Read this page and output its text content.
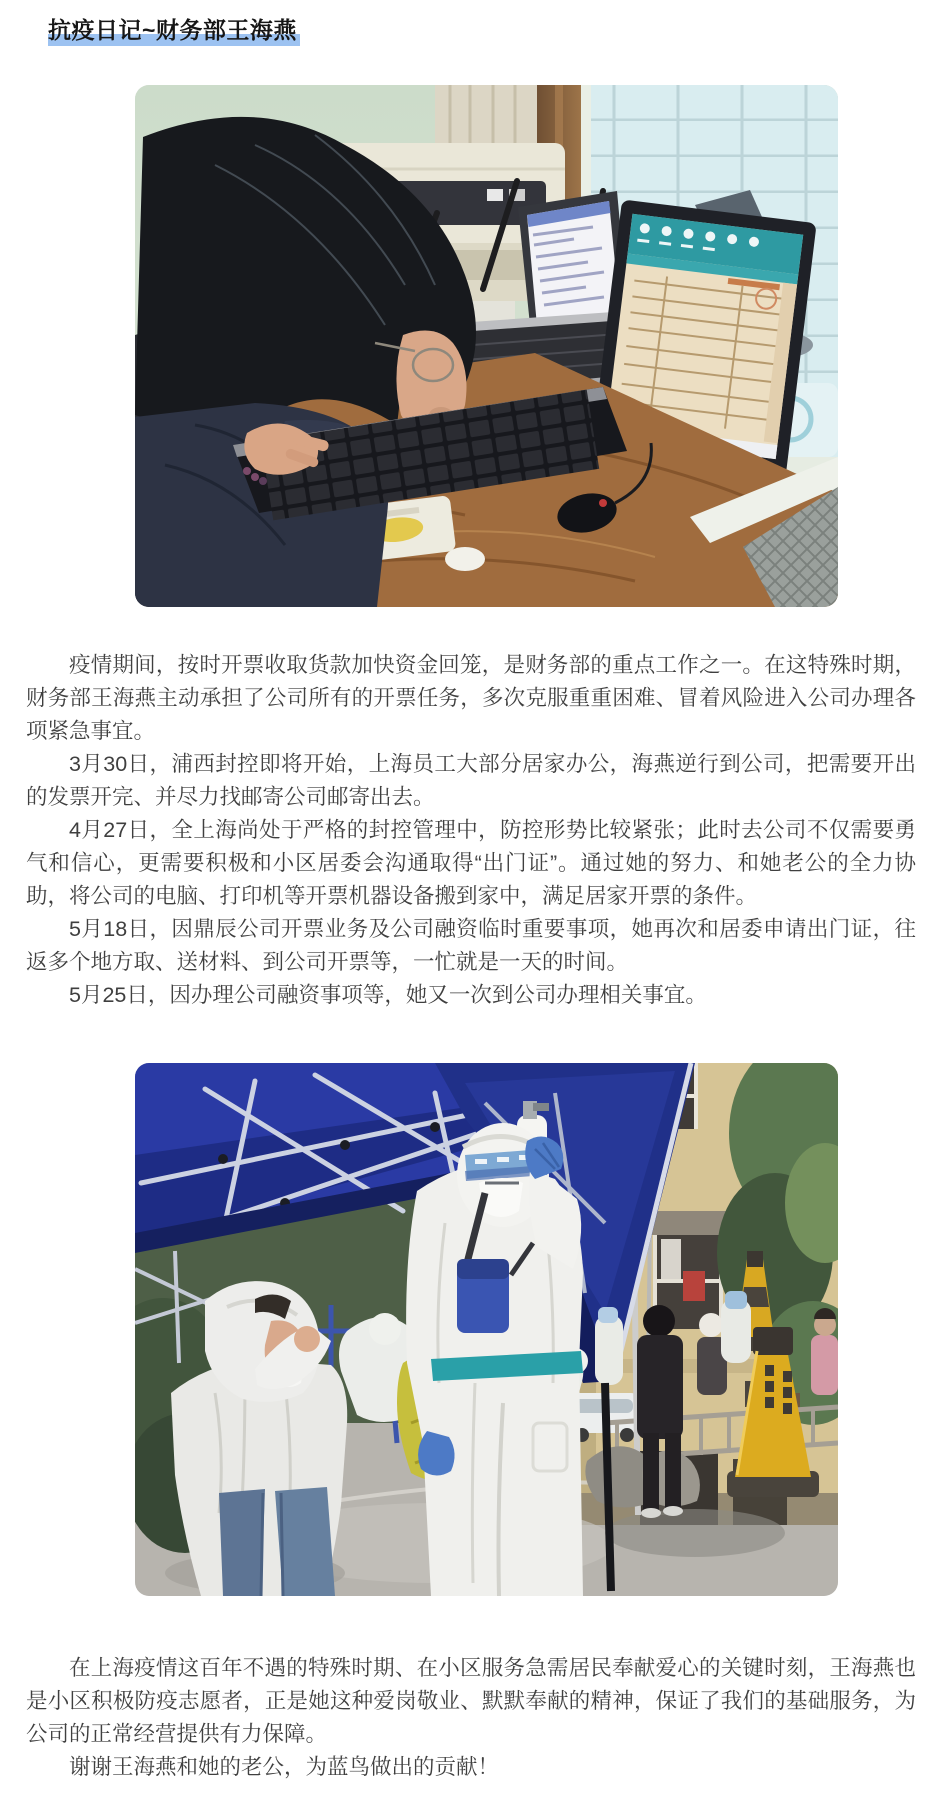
抗疫日记~财务部王海燕

疫情期间，按时开票收取货款加快资金回笼，是财务部的重点工作之一。在这特殊时期，财务部王海燕主动承担了公司所有的开票任务，多次克服重重困难、冒着风险进入公司办理各项紧急事宜。

3月30日，浦西封控即将开始，上海员工大部分居家办公，海燕逆行到公司，把需要开出的发票开完、并尽力找邮寄公司邮寄出去。

4月27日，全上海尚处于严格的封控管理中，防控形势比较紧张；此时去公司不仅需要勇气和信心，更需要积极和小区居委会沟通取得“出门证”。通过她的努力、和她老公的全力协助，将公司的电脑、打印机等开票机器设备搬到家中，满足居家开票的条件。

5月18日，因鼎辰公司开票业务及公司融资临时重要事项，她再次和居委申请出门证，往返多个地方取、送材料、到公司开票等，一忙就是一天的时间。

5月25日，因办理公司融资事项等，她又一次到公司办理相关事宜。

在上海疫情这百年不遇的特殊时期、在小区服务急需居民奉献爱心的关键时刻，王海燕也是小区积极防疫志愿者，正是她这种爱岗敬业、默默奉献的精神，保证了我们的基础服务，为公司的正常经营提供有力保障。

谢谢王海燕和她的老公，为蓝鸟做出的贡献！
